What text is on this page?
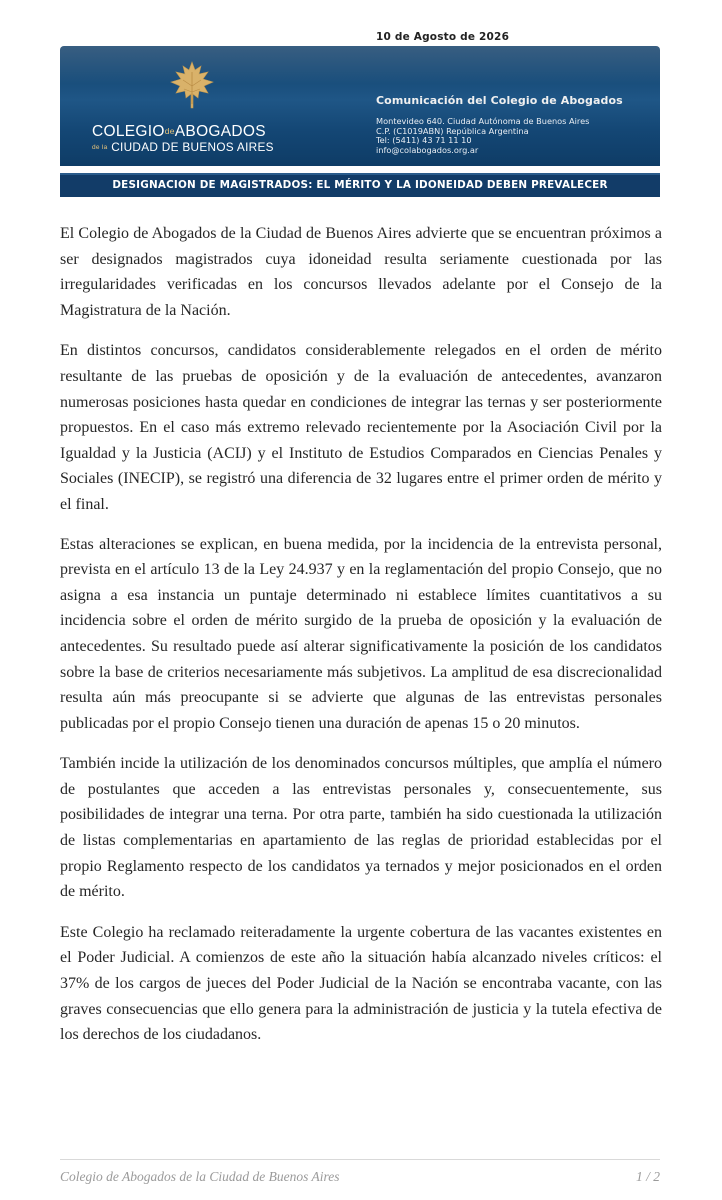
10 de Agosto de 2026
COLEGIOdeABOGADOS
de la CIUDAD DE BUENOS AIRES
Comunicación del Colegio de Abogados
Montevideo 640. Ciudad Autónoma de Buenos Aires
C.P. (C1019ABN) República Argentina
Tel: (5411) 43 71 11 10
info@colabogados.org.ar
DESIGNACION DE MAGISTRADOS: EL MÉRITO Y LA IDONEIDAD DEBEN PREVALECER

El Colegio de Abogados de la Ciudad de Buenos Aires advierte que se encuentran próximos a ser designados magistrados cuya idoneidad resulta seriamente cuestionada por las irregularidades verificadas en los concursos llevados adelante por el Consejo de la Magistratura de la Nación.

En distintos concursos, candidatos considerablemente relegados en el orden de mérito resultante de las pruebas de oposición y de la evaluación de antecedentes, avanzaron numerosas posiciones hasta quedar en condiciones de integrar las ternas y ser posteriormente propuestos. En el caso más extremo relevado recientemente por la Asociación Civil por la Igualdad y la Justicia (ACIJ) y el Instituto de Estudios Comparados en Ciencias Penales y Sociales (INECIP), se registró una diferencia de 32 lugares entre el primer orden de mérito y el final.

Estas alteraciones se explican, en buena medida, por la incidencia de la entrevista personal, prevista en el artículo 13 de la Ley 24.937 y en la reglamentación del propio Consejo, que no asigna a esa instancia un puntaje determinado ni establece límites cuantitativos a su incidencia sobre el orden de mérito surgido de la prueba de oposición y la evaluación de antecedentes. Su resultado puede así alterar significativamente la posición de los candidatos sobre la base de criterios necesariamente más subjetivos. La amplitud de esa discrecionalidad resulta aún más preocupante si se advierte que algunas de las entrevistas personales publicadas por el propio Consejo tienen una duración de apenas 15 o 20 minutos.

También incide la utilización de los denominados concursos múltiples, que amplía el número de postulantes que acceden a las entrevistas personales y, consecuentemente, sus posibilidades de integrar una terna. Por otra parte, también ha sido cuestionada la utilización de listas complementarias en apartamiento de las reglas de prioridad establecidas por el propio Reglamento respecto de los candidatos ya ternados y mejor posicionados en el orden de mérito.

Este Colegio ha reclamado reiteradamente la urgente cobertura de las vacantes existentes en el Poder Judicial. A comienzos de este año la situación había alcanzado niveles críticos: el 37% de los cargos de jueces del Poder Judicial de la Nación se encontraba vacante, con las graves consecuencias que ello genera para la administración de justicia y la tutela efectiva de los derechos de los ciudadanos.

Colegio de Abogados de la Ciudad de Buenos Aires	1 / 2
